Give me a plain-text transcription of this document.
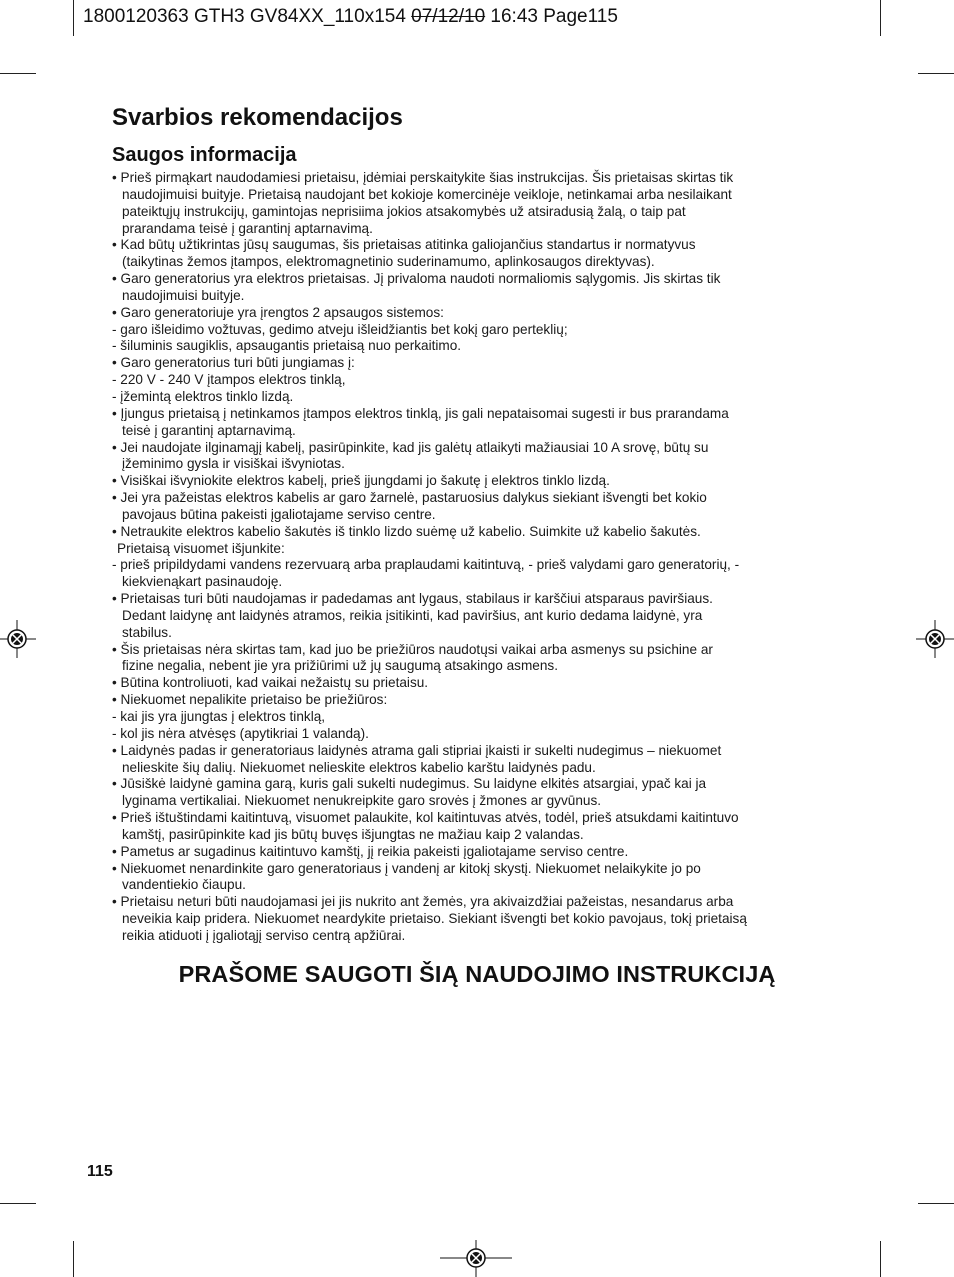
1800120363 GTH3 GV84XX_110x154 07/12/10 16:43 Page115
Svarbios rekomendacijos
Saugos informacija
• Prieš pirmąkart naudodamiesi prietaisu, įdėmiai perskaitykite šias instrukcijas. Šis prietaisas skirtas tik
naudojimuisi buityje. Prietaisą naudojant bet kokioje komercinėje veikloje, netinkamai arba nesilaikant
pateiktųjų instrukcijų, gamintojas neprisiima jokios atsakomybės už atsiradusią žalą, o taip pat
prarandama teisė į garantinį aptarnavimą.
• Kad būtų užtikrintas jūsų saugumas, šis prietaisas atitinka galiojančius standartus ir normatyvus
(taikytinas žemos įtampos, elektromagnetinio suderinamumo, aplinkosaugos direktyvas).
• Garo generatorius yra elektros prietaisas. Jį privaloma naudoti normaliomis sąlygomis. Jis skirtas tik
naudojimuisi buityje.
• Garo generatoriuje yra įrengtos 2 apsaugos sistemos:
- garo išleidimo vožtuvas, gedimo atveju išleidžiantis bet kokį garo perteklių;
- šiluminis saugiklis, apsaugantis prietaisą nuo perkaitimo.
• Garo generatorius turi būti jungiamas į:
- 220 V - 240 V įtampos elektros tinklą,
- įžemintą elektros tinklo lizdą.
• Įjungus prietaisą į netinkamos įtampos elektros tinklą, jis gali nepataisomai sugesti ir bus prarandama
teisė į garantinį aptarnavimą.
• Jei naudojate ilginamąjį kabelį, pasirūpinkite, kad jis galėtų atlaikyti mažiausiai 10 A srovę, būtų su
įžeminimo gysla ir visiškai išvyniotas.
• Visiškai išvyniokite elektros kabelį, prieš įjungdami jo šakutę į elektros tinklo lizdą.
• Jei yra pažeistas elektros kabelis ar garo žarnelė, pastaruosius dalykus siekiant išvengti bet kokio
pavojaus būtina pakeisti įgaliotajame serviso centre.
• Netraukite elektros kabelio šakutės iš tinklo lizdo suėmę už kabelio. Suimkite už kabelio šakutės.
Prietaisą visuomet išjunkite:
- prieš pripildydami vandens rezervuarą arba praplaudami kaitintuvą, - prieš valydami garo generatorių, -
kiekvienąkart pasinaudoję.
• Prietaisas turi būti naudojamas ir padedamas ant lygaus, stabilaus ir karščiui atsparaus paviršiaus.
Dedant laidynę ant laidynės atramos, reikia įsitikinti, kad paviršius, ant kurio dedama laidynė, yra
stabilus.
• Šis prietaisas nėra skirtas tam, kad juo be priežiūros naudotųsi vaikai arba asmenys su psichine ar
fizine negalia, nebent jie yra prižiūrimi už jų saugumą atsakingo asmens.
• Būtina kontroliuoti, kad vaikai nežaistų su prietaisu.
• Niekuomet nepalikite prietaiso be priežiūros:
- kai jis yra įjungtas į elektros tinklą,
- kol jis nėra atvėsęs (apytikriai 1 valandą).
• Laidynės padas ir generatoriaus laidynės atrama gali stipriai įkaisti ir sukelti nudegimus – niekuomet
nelieskite šių dalių. Niekuomet nelieskite elektros kabelio karštu laidynės padu.
• Jūsiškė laidynė gamina garą, kuris gali sukelti nudegimus. Su laidyne elkitės atsargiai, ypač kai ja
lyginama vertikaliai. Niekuomet nenukreipkite garo srovės į žmones ar gyvūnus.
• Prieš ištuštindami kaitintuvą, visuomet palaukite, kol kaitintuvas atvės, todėl, prieš atsukdami kaitintuvo
kamštį, pasirūpinkite kad jis būtų buvęs išjungtas ne mažiau kaip 2 valandas.
• Pametus ar sugadinus kaitintuvo kamštį, jį reikia pakeisti įgaliotajame serviso centre.
• Niekuomet nenardinkite garo generatoriaus į vandenį ar kitokį skystį. Niekuomet nelaikykite jo po
vandentiekio čiaupu.
• Prietaisu neturi būti naudojamasi jei jis nukrito ant žemės, yra akivaizdžiai pažeistas, nesandarus arba
neveikia kaip pridera. Niekuomet neardykite prietaiso. Siekiant išvengti bet kokio pavojaus, tokį prietaisą
reikia atiduoti į įgaliotąjį serviso centrą apžiūrai.
PRAŠOME SAUGOTI ŠIĄ NAUDOJIMO INSTRUKCIJĄ
115
